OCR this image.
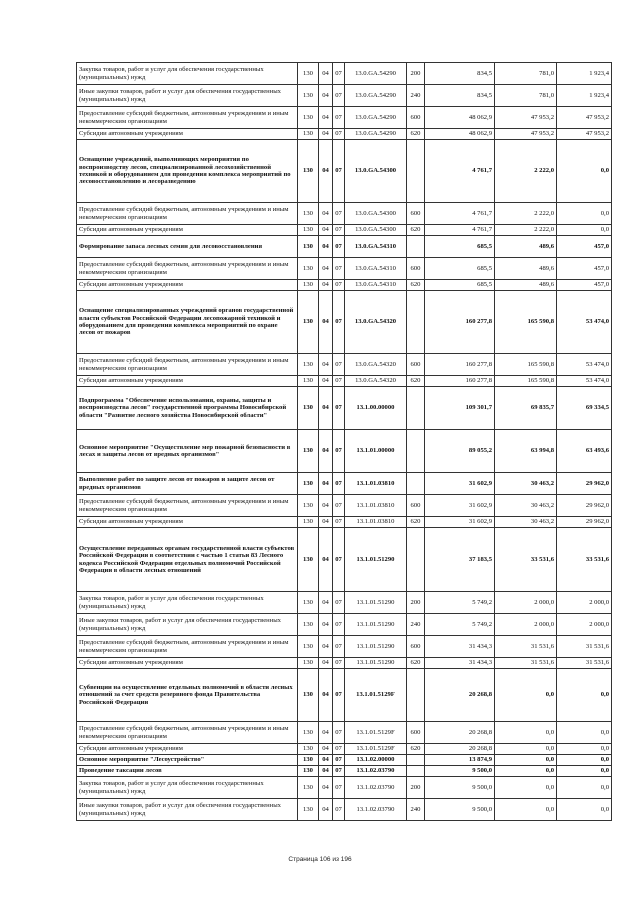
Закупка товаров, работ и услуг для обеспечения государственных (муниципальных) нужд	130	04	07	13.0.GA.54290	200	834,5	781,0	1 923,4
Иные закупки товаров, работ и услуг для обеспечения государственных (муниципальных) нужд	130	04	07	13.0.GA.54290	240	834,5	781,0	1 923,4
Предоставление субсидий бюджетным, автономным учреждениям и иным некоммерческим организациям	130	04	07	13.0.GA.54290	600	48 062,9	47 953,2	47 953,2
Субсидии автономным учреждениям	130	04	07	13.0.GA.54290	620	48 062,9	47 953,2	47 953,2
Оснащение учреждений, выполняющих мероприятия по воспроизводству лесов, специализированной лесохозяйственной техникой и оборудованием для проведения комплекса мероприятий по лесовосстановлению и лесоразведению	130	04	07	13.0.GA.54300		4 761,7	2 222,0	0,0
Предоставление субсидий бюджетным, автономным учреждениям и иным некоммерческим организациям	130	04	07	13.0.GA.54300	600	4 761,7	2 222,0	0,0
Субсидии автономным учреждениям	130	04	07	13.0.GA.54300	620	4 761,7	2 222,0	0,0
Формирование запаса лесных семян для лесовосстановления	130	04	07	13.0.GA.54310		685,5	489,6	457,0
Предоставление субсидий бюджетным, автономным учреждениям и иным некоммерческим организациям	130	04	07	13.0.GA.54310	600	685,5	489,6	457,0
Субсидии автономным учреждениям	130	04	07	13.0.GA.54310	620	685,5	489,6	457,0
Оснащение специализированных учреждений органов государственной власти субъектов Российской Федерации лесопожарной техникой и оборудованием для проведения комплекса мероприятий по охране лесов от пожаров	130	04	07	13.0.GA.54320		160 277,8	165 590,8	53 474,0
Предоставление субсидий бюджетным, автономным учреждениям и иным некоммерческим организациям	130	04	07	13.0.GA.54320	600	160 277,8	165 590,8	53 474,0
Субсидии автономным учреждениям	130	04	07	13.0.GA.54320	620	160 277,8	165 590,8	53 474,0
Подпрограмма "Обеспечение использования, охраны, защиты и воспроизводства лесов" государственной программы Новосибирской области "Развитие лесного хозяйства Новосибирской области"	130	04	07	13.1.00.00000		109 301,7	69 835,7	69 334,5
Основное мероприятие "Осуществление мер пожарной безопасности в лесах и защиты лесов от вредных организмов"	130	04	07	13.1.01.00000		89 055,2	63 994,8	63 493,6
Выполнение работ по защите лесов от пожаров и защите лесов от вредных организмов	130	04	07	13.1.01.03810		31 602,9	30 463,2	29 962,0
Предоставление субсидий бюджетным, автономным учреждениям и иным некоммерческим организациям	130	04	07	13.1.01.03810	600	31 602,9	30 463,2	29 962,0
Субсидии автономным учреждениям	130	04	07	13.1.01.03810	620	31 602,9	30 463,2	29 962,0
Осуществление переданных органам государственной власти субъектов Российской Федерации в соответствии с частью 1 статьи 83 Лесного кодекса Российской Федерации отдельных полномочий Российской Федерации в области лесных отношений	130	04	07	13.1.01.51290		37 183,5	33 531,6	33 531,6
Закупка товаров, работ и услуг для обеспечения государственных (муниципальных) нужд	130	04	07	13.1.01.51290	200	5 749,2	2 000,0	2 000,0
Иные закупки товаров, работ и услуг для обеспечения государственных (муниципальных) нужд	130	04	07	13.1.01.51290	240	5 749,2	2 000,0	2 000,0
Предоставление субсидий бюджетным, автономным учреждениям и иным некоммерческим организациям	130	04	07	13.1.01.51290	600	31 434,3	31 531,6	31 531,6
Субсидии автономным учреждениям	130	04	07	13.1.01.51290	620	31 434,3	31 531,6	31 531,6
Субвенции на осуществление отдельных полномочий в области лесных отношений за счет средств резервного фонда Правительства Российской Федерации	130	04	07	13.1.01.5129F		20 268,8	0,0	0,0
Предоставление субсидий бюджетным, автономным учреждениям и иным некоммерческим организациям	130	04	07	13.1.01.5129F	600	20 268,8	0,0	0,0
Субсидии автономным учреждениям	130	04	07	13.1.01.5129F	620	20 268,8	0,0	0,0
Основное мероприятие "Лесоустройство"	130	04	07	13.1.02.00000		13 874,9	0,0	0,0
Проведение таксации лесов	130	04	07	13.1.02.03790		9 500,0	0,0	0,0
Закупка товаров, работ и услуг для обеспечения государственных (муниципальных) нужд	130	04	07	13.1.02.03790	200	9 500,0	0,0	0,0
Иные закупки товаров, работ и услуг для обеспечения государственных (муниципальных) нужд	130	04	07	13.1.02.03790	240	9 500,0	0,0	0,0
Страница 106 из 196
